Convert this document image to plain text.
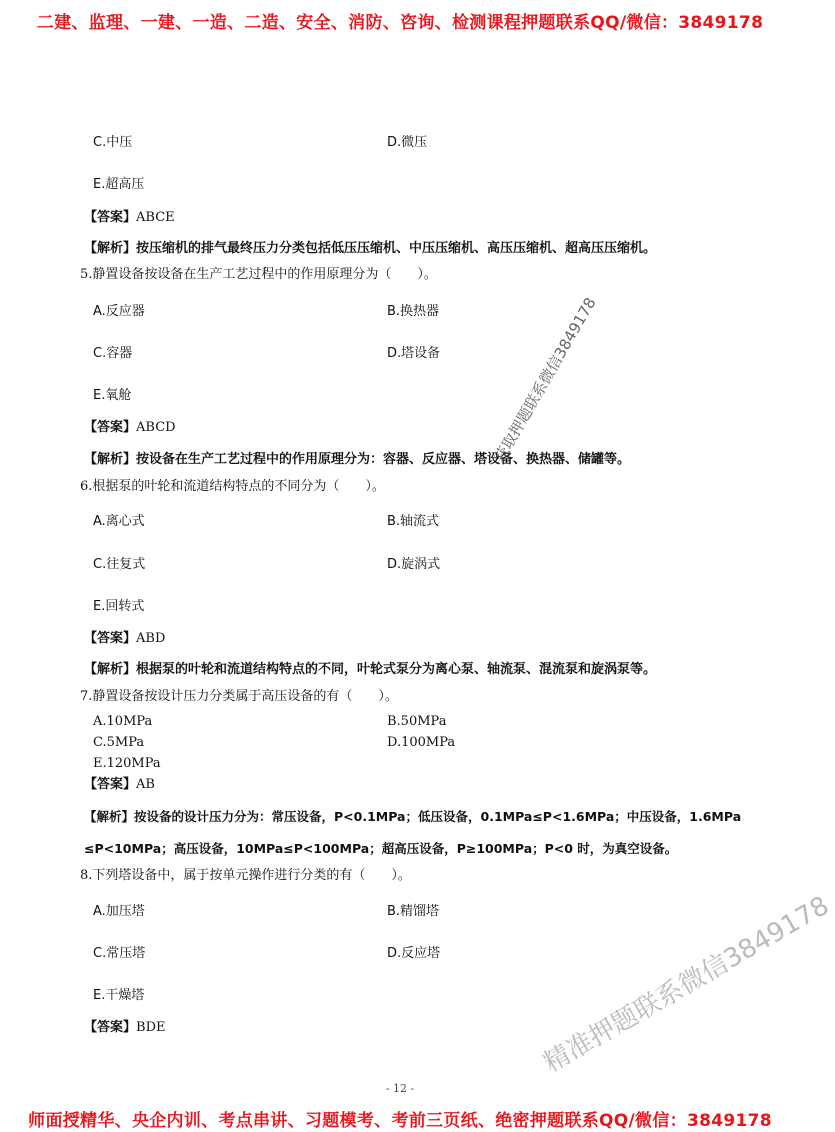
二建、监理、一建、一造、二造、安全、消防、咨询、检测课程押题联系QQ/微信：3849178
C.中压	D.微压
E.超高压
【答案】ABCE
【解析】按压缩机的排气最终压力分类包括低压压缩机、中压压缩机、高压压缩机、超高压压缩机。
5.静置设备按设备在生产工艺过程中的作用原理分为（　　）。
A.反应器	B.换热器
C.容器	D.塔设备
E.氧舱
【答案】ABCD
【解析】按设备在生产工艺过程中的作用原理分为：容器、反应器、塔设备、换热器、储罐等。
6.根据泵的叶轮和流道结构特点的不同分为（　　）。
A.离心式	B.轴流式
C.往复式	D.旋涡式
E.回转式
【答案】ABD
【解析】根据泵的叶轮和流道结构特点的不同，叶轮式泵分为离心泵、轴流泵、混流泵和旋涡泵等。
7.静置设备按设计压力分类属于高压设备的有（　　）。
A.10MPa	B.50MPa
C.5MPa	D.100MPa
E.120MPa
【答案】AB
【解析】按设备的设计压力分为：常压设备，P<0.1MPa；低压设备，0.1MPa≤P<1.6MPa；中压设备，1.6MPa
≤P<10MPa；高压设备，10MPa≤P<100MPa；超高压设备，P≥100MPa；P<0 时，为真空设备。
8.下列塔设备中，属于按单元操作进行分类的有（　　）。
A.加压塔	B.精馏塔
C.常压塔	D.反应塔
E.干燥塔
【答案】BDE
获取押题联系微信3849178
精准押题联系微信3849178
- 12 -
师面授精华、央企内训、考点串讲、习题模考、考前三页纸、绝密押题联系QQ/微信：3849178
